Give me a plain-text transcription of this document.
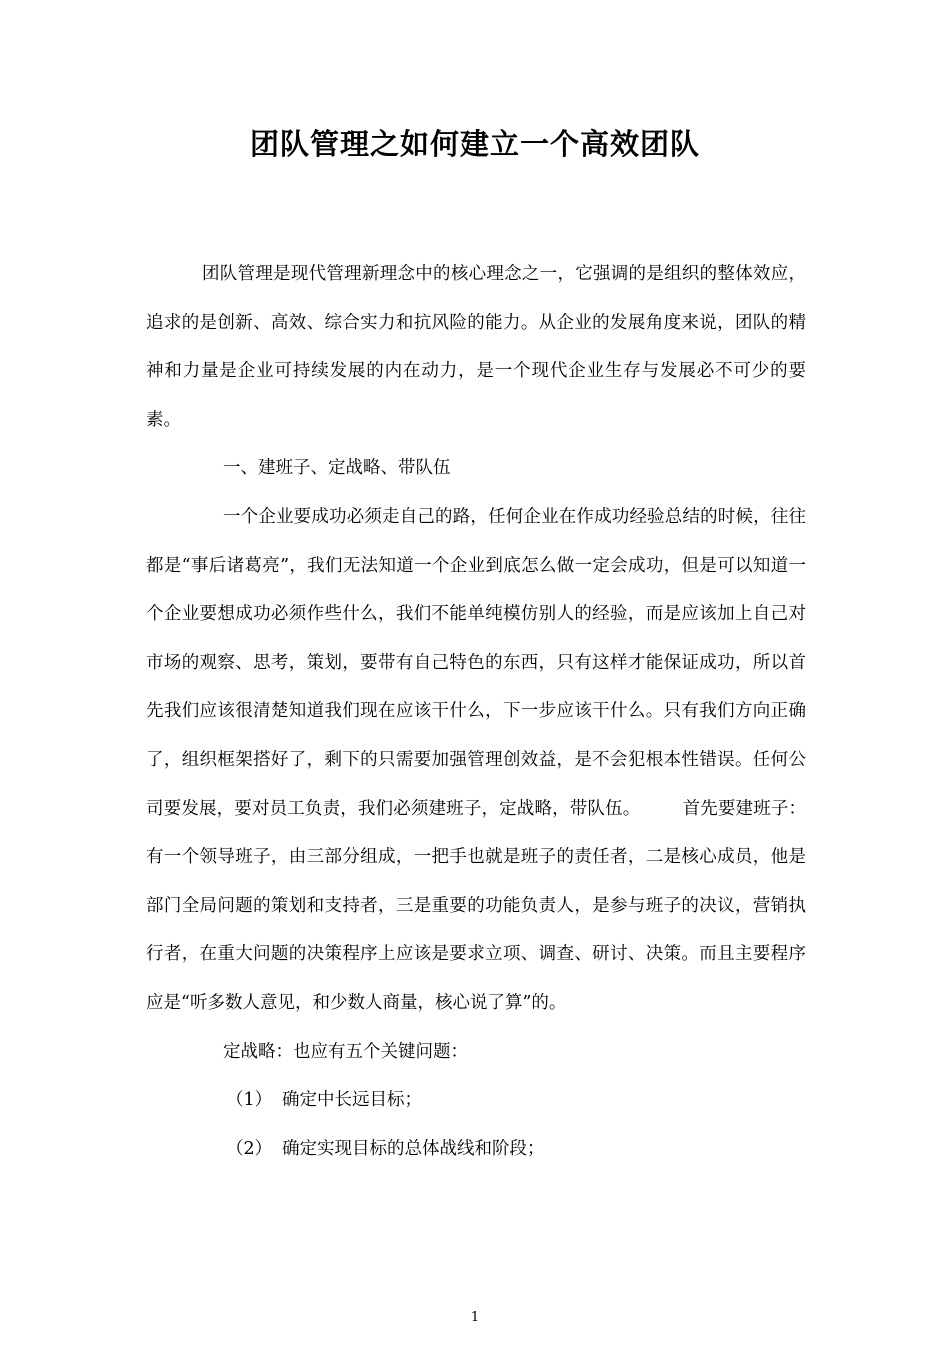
团队管理之如何建立一个高效团队

团队管理是现代管理新理念中的核心理念之一，它强调的是组织的整体效应，追求的是创新、高效、综合实力和抗风险的能力。从企业的发展角度来说，团队的精神和力量是企业可持续发展的内在动力，是一个现代企业生存与发展必不可少的要素。

一、建班子、定战略、带队伍

一个企业要成功必须走自己的路，任何企业在作成功经验总结的时候，往往都是“事后诸葛亮”，我们无法知道一个企业到底怎么做一定会成功，但是可以知道一个企业要想成功必须作些什么，我们不能单纯模仿别人的经验，而是应该加上自己对市场的观察、思考，策划，要带有自己特色的东西，只有这样才能保证成功，所以首先我们应该很清楚知道我们现在应该干什么，下一步应该干什么。只有我们方向正确了，组织框架搭好了，剩下的只需要加强管理创效益，是不会犯根本性错误。任何公司要发展，要对员工负责，我们必须建班子，定战略，带队伍。 首先要建班子：有一个领导班子，由三部分组成，一把手也就是班子的责任者，二是核心成员，他是部门全局问题的策划和支持者，三是重要的功能负责人，是参与班子的决议，营销执行者，在重大问题的决策程序上应该是要求立项、调查、研讨、决策。而且主要程序应是“听多数人意见，和少数人商量，核心说了算”的。

定战略：也应有五个关键问题：

（1） 确定中长远目标；

（2） 确定实现目标的总体战线和阶段；

1
